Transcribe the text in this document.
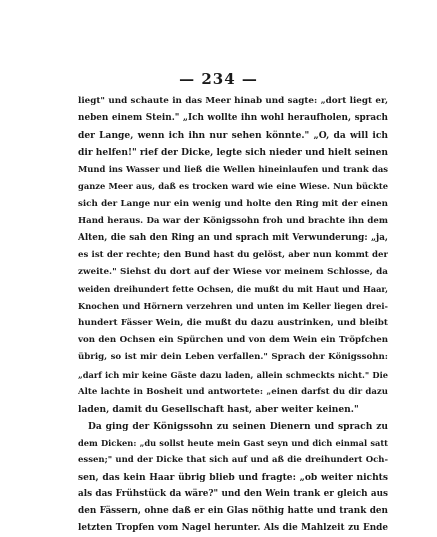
— 234 —
liegt" und schaute in das Meer hinab und sagte: „dort liegt er,
neben einem Stein." „Ich wollte ihn wohl heraufholen, sprach
der Lange, wenn ich ihn nur sehen könnte." „O, da will ich
dir helfen!" rief der Dicke, legte sich nieder und hielt seinen
Mund ins Wasser und ließ die Wellen hineinlaufen und trank das
ganze Meer aus, daß es trocken ward wie eine Wiese. Nun bückte
sich der Lange nur ein wenig und holte den Ring mit der einen
Hand heraus. Da war der Königssohn froh und brachte ihn dem
Alten, die sah den Ring an und sprach mit Verwunderung: „ja,
es ist der rechte; den Bund hast du gelöst, aber nun kommt der
zweite." Siehst du dort auf der Wiese vor meinem Schlosse, da
weiden dreihundert fette Ochsen, die mußt du mit Haut und Haar,
Knochen und Hörnern verzehren und unten im Keller liegen drei-
hundert Fässer Wein, die mußt du dazu austrinken, und bleibt
von den Ochsen ein Spürchen und von dem Wein ein Tröpfchen
übrig, so ist mir dein Leben verfallen." Sprach der Königssohn:
„darf ich mir keine Gäste dazu laden, allein schmeckts nicht." Die
Alte lachte in Bosheit und antwortete: „einen darfst du dir dazu
laden, damit du Gesellschaft hast, aber weiter keinen."
Da ging der Königssohn zu seinen Dienern und sprach zu
dem Dicken: „du sollst heute mein Gast seyn und dich einmal satt
essen;" und der Dicke that sich auf und aß die dreihundert Och-
sen, das kein Haar übrig blieb und fragte: „ob weiter nichts
als das Frühstück da wäre?" und den Wein trank er gleich aus
den Fässern, ohne daß er ein Glas nöthig hatte und trank den
letzten Tropfen vom Nagel herunter. Als die Mahlzeit zu Ende
